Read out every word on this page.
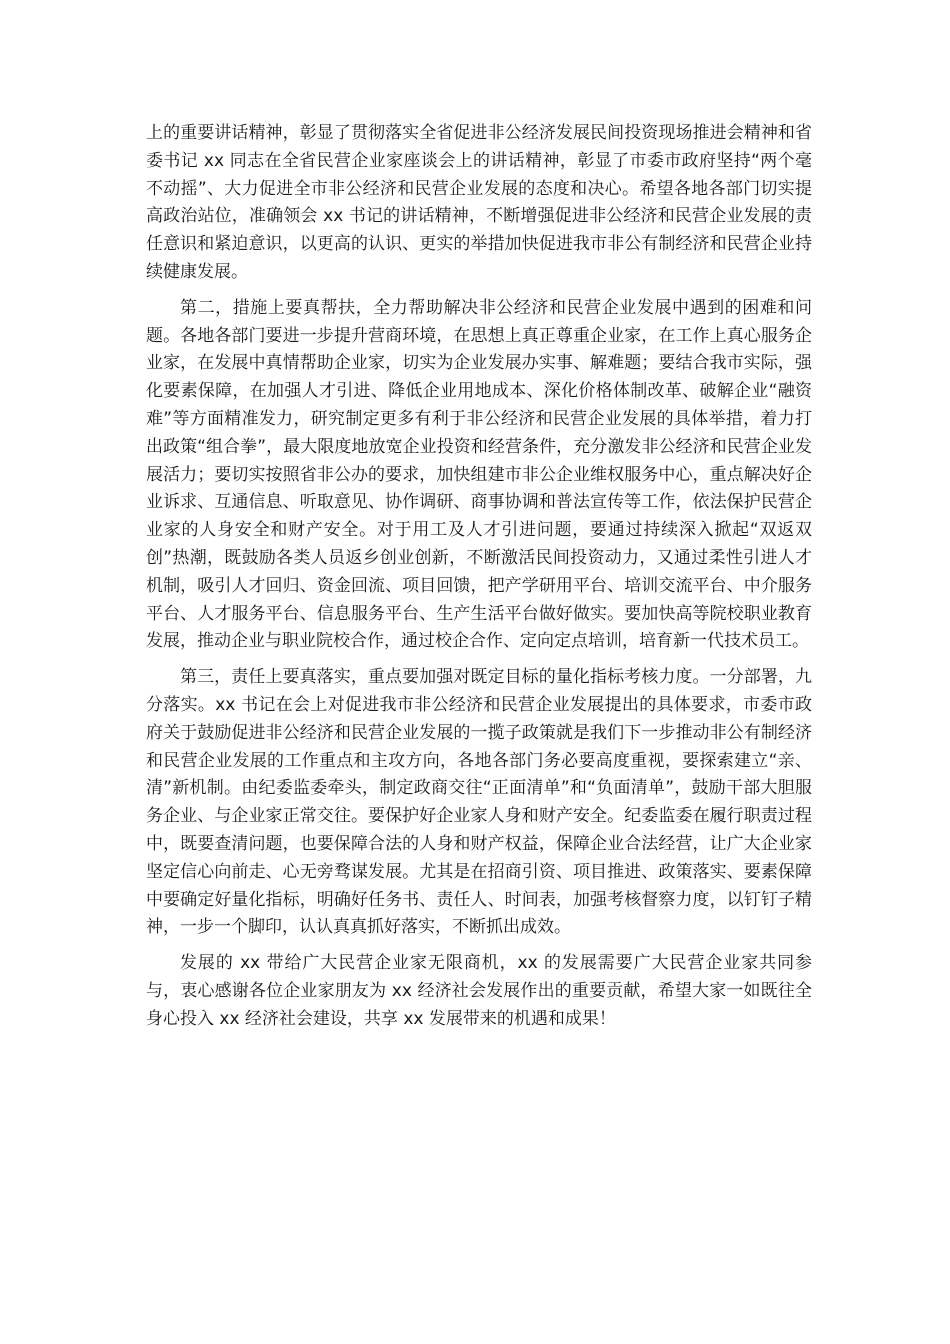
上的重要讲话精神，彰显了贯彻落实全省促进非公经济发展民间投资现场推进会精神和省委书记 xx 同志在全省民营企业家座谈会上的讲话精神，彰显了市委市政府坚持“两个毫不动摇”、大力促进全市非公经济和民营企业发展的态度和决心。希望各地各部门切实提高政治站位，准确领会 xx 书记的讲话精神，不断增强促进非公经济和民营企业发展的责任意识和紧迫意识，以更高的认识、更实的举措加快促进我市非公有制经济和民营企业持续健康发展。

第二，措施上要真帮扶，全力帮助解决非公经济和民营企业发展中遇到的困难和问题。各地各部门要进一步提升营商环境，在思想上真正尊重企业家，在工作上真心服务企业家，在发展中真情帮助企业家，切实为企业发展办实事、解难题；要结合我市实际，强化要素保障，在加强人才引进、降低企业用地成本、深化价格体制改革、破解企业“融资难”等方面精准发力，研究制定更多有利于非公经济和民营企业发展的具体举措，着力打出政策“组合拳”，最大限度地放宽企业投资和经营条件，充分激发非公经济和民营企业发展活力；要切实按照省非公办的要求，加快组建市非公企业维权服务中心，重点解决好企业诉求、互通信息、听取意见、协作调研、商事协调和普法宣传等工作，依法保护民营企业家的人身安全和财产安全。对于用工及人才引进问题，要通过持续深入掀起“双返双创”热潮，既鼓励各类人员返乡创业创新，不断激活民间投资动力，又通过柔性引进人才机制，吸引人才回归、资金回流、项目回馈，把产学研用平台、培训交流平台、中介服务平台、人才服务平台、信息服务平台、生产生活平台做好做实。要加快高等院校职业教育发展，推动企业与职业院校合作，通过校企合作、定向定点培训，培育新一代技术员工。

第三，责任上要真落实，重点要加强对既定目标的量化指标考核力度。一分部署，九分落实。xx 书记在会上对促进我市非公经济和民营企业发展提出的具体要求，市委市政府关于鼓励促进非公经济和民营企业发展的一揽子政策就是我们下一步推动非公有制经济和民营企业发展的工作重点和主攻方向，各地各部门务必要高度重视，要探索建立“亲、清”新机制。由纪委监委牵头，制定政商交往“正面清单”和“负面清单”，鼓励干部大胆服务企业、与企业家正常交往。要保护好企业家人身和财产安全。纪委监委在履行职责过程中，既要查清问题，也要保障合法的人身和财产权益，保障企业合法经营，让广大企业家坚定信心向前走、心无旁骛谋发展。尤其是在招商引资、项目推进、政策落实、要素保障中要确定好量化指标，明确好任务书、责任人、时间表，加强考核督察力度，以钉钉子精神，一步一个脚印，认认真真抓好落实，不断抓出成效。

发展的 xx 带给广大民营企业家无限商机，xx 的发展需要广大民营企业家共同参与，衷心感谢各位企业家朋友为 xx 经济社会发展作出的重要贡献，希望大家一如既往全身心投入 xx 经济社会建设，共享 xx 发展带来的机遇和成果！
